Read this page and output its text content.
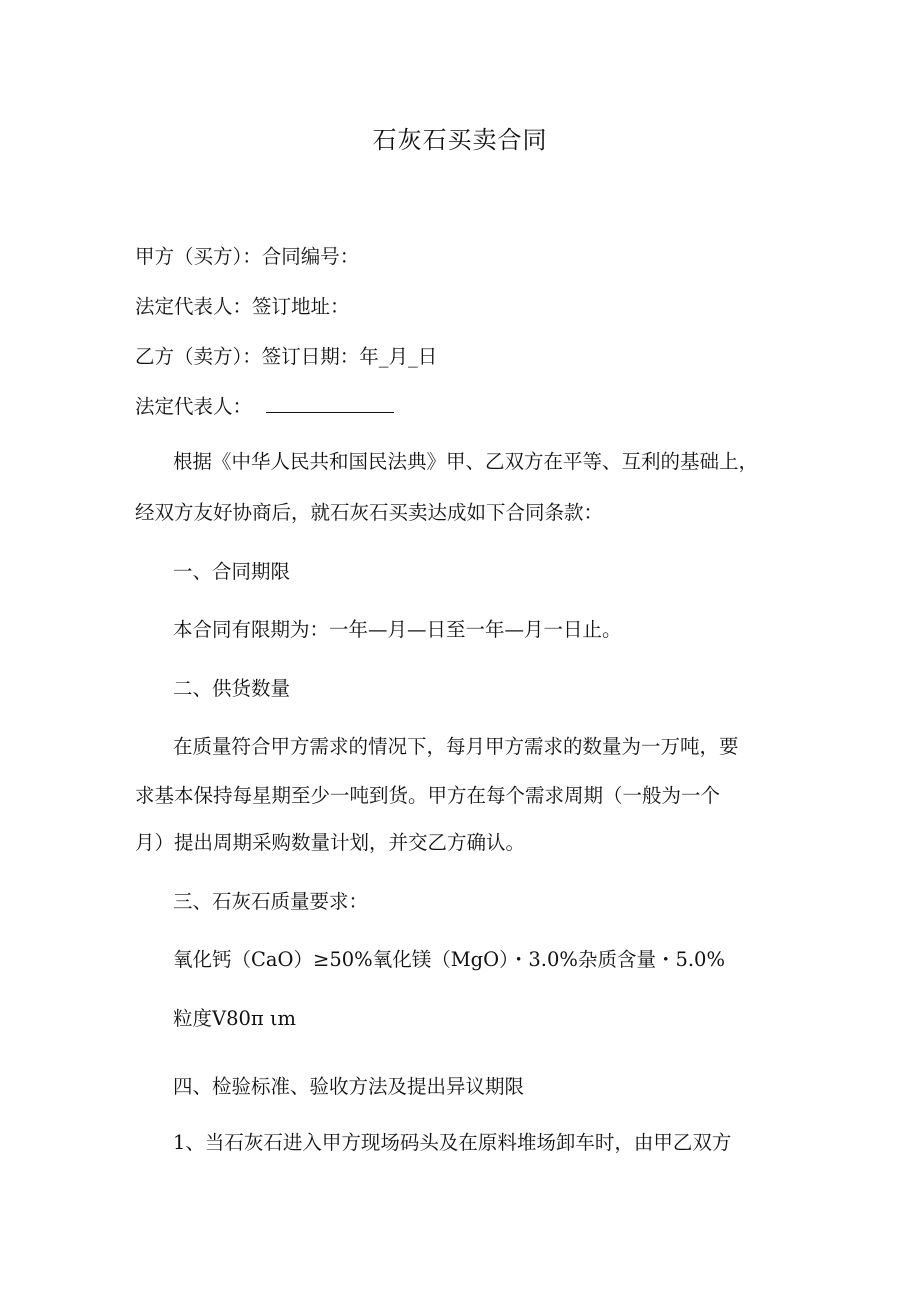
石灰石买卖合同
甲方（买方）：合同编号：
法定代表人：签订地址：
乙方（卖方）：签订日期：年_月_日
法定代表人：
根据《中华人民共和国民法典》甲、乙双方在平等、互利的基础上，
经双方友好协商后，就石灰石买卖达成如下合同条款：
一、合同期限
本合同有限期为：一年—月—日至一年—月一日止。
二、供货数量
在质量符合甲方需求的情况下，每月甲方需求的数量为一万吨，要
求基本保持每星期至少一吨到货。甲方在每个需求周期（一般为一个
月）提出周期采购数量计划，并交乙方确认。
三、石灰石质量要求：
氧化钙（CaO）≥50%氧化镁（MgO）・3.0%杂质含量・5.0%
粒度V80π ιm
四、检验标准、验收方法及提出异议期限
1、当石灰石进入甲方现场码头及在原料堆场卸车时，由甲乙双方
